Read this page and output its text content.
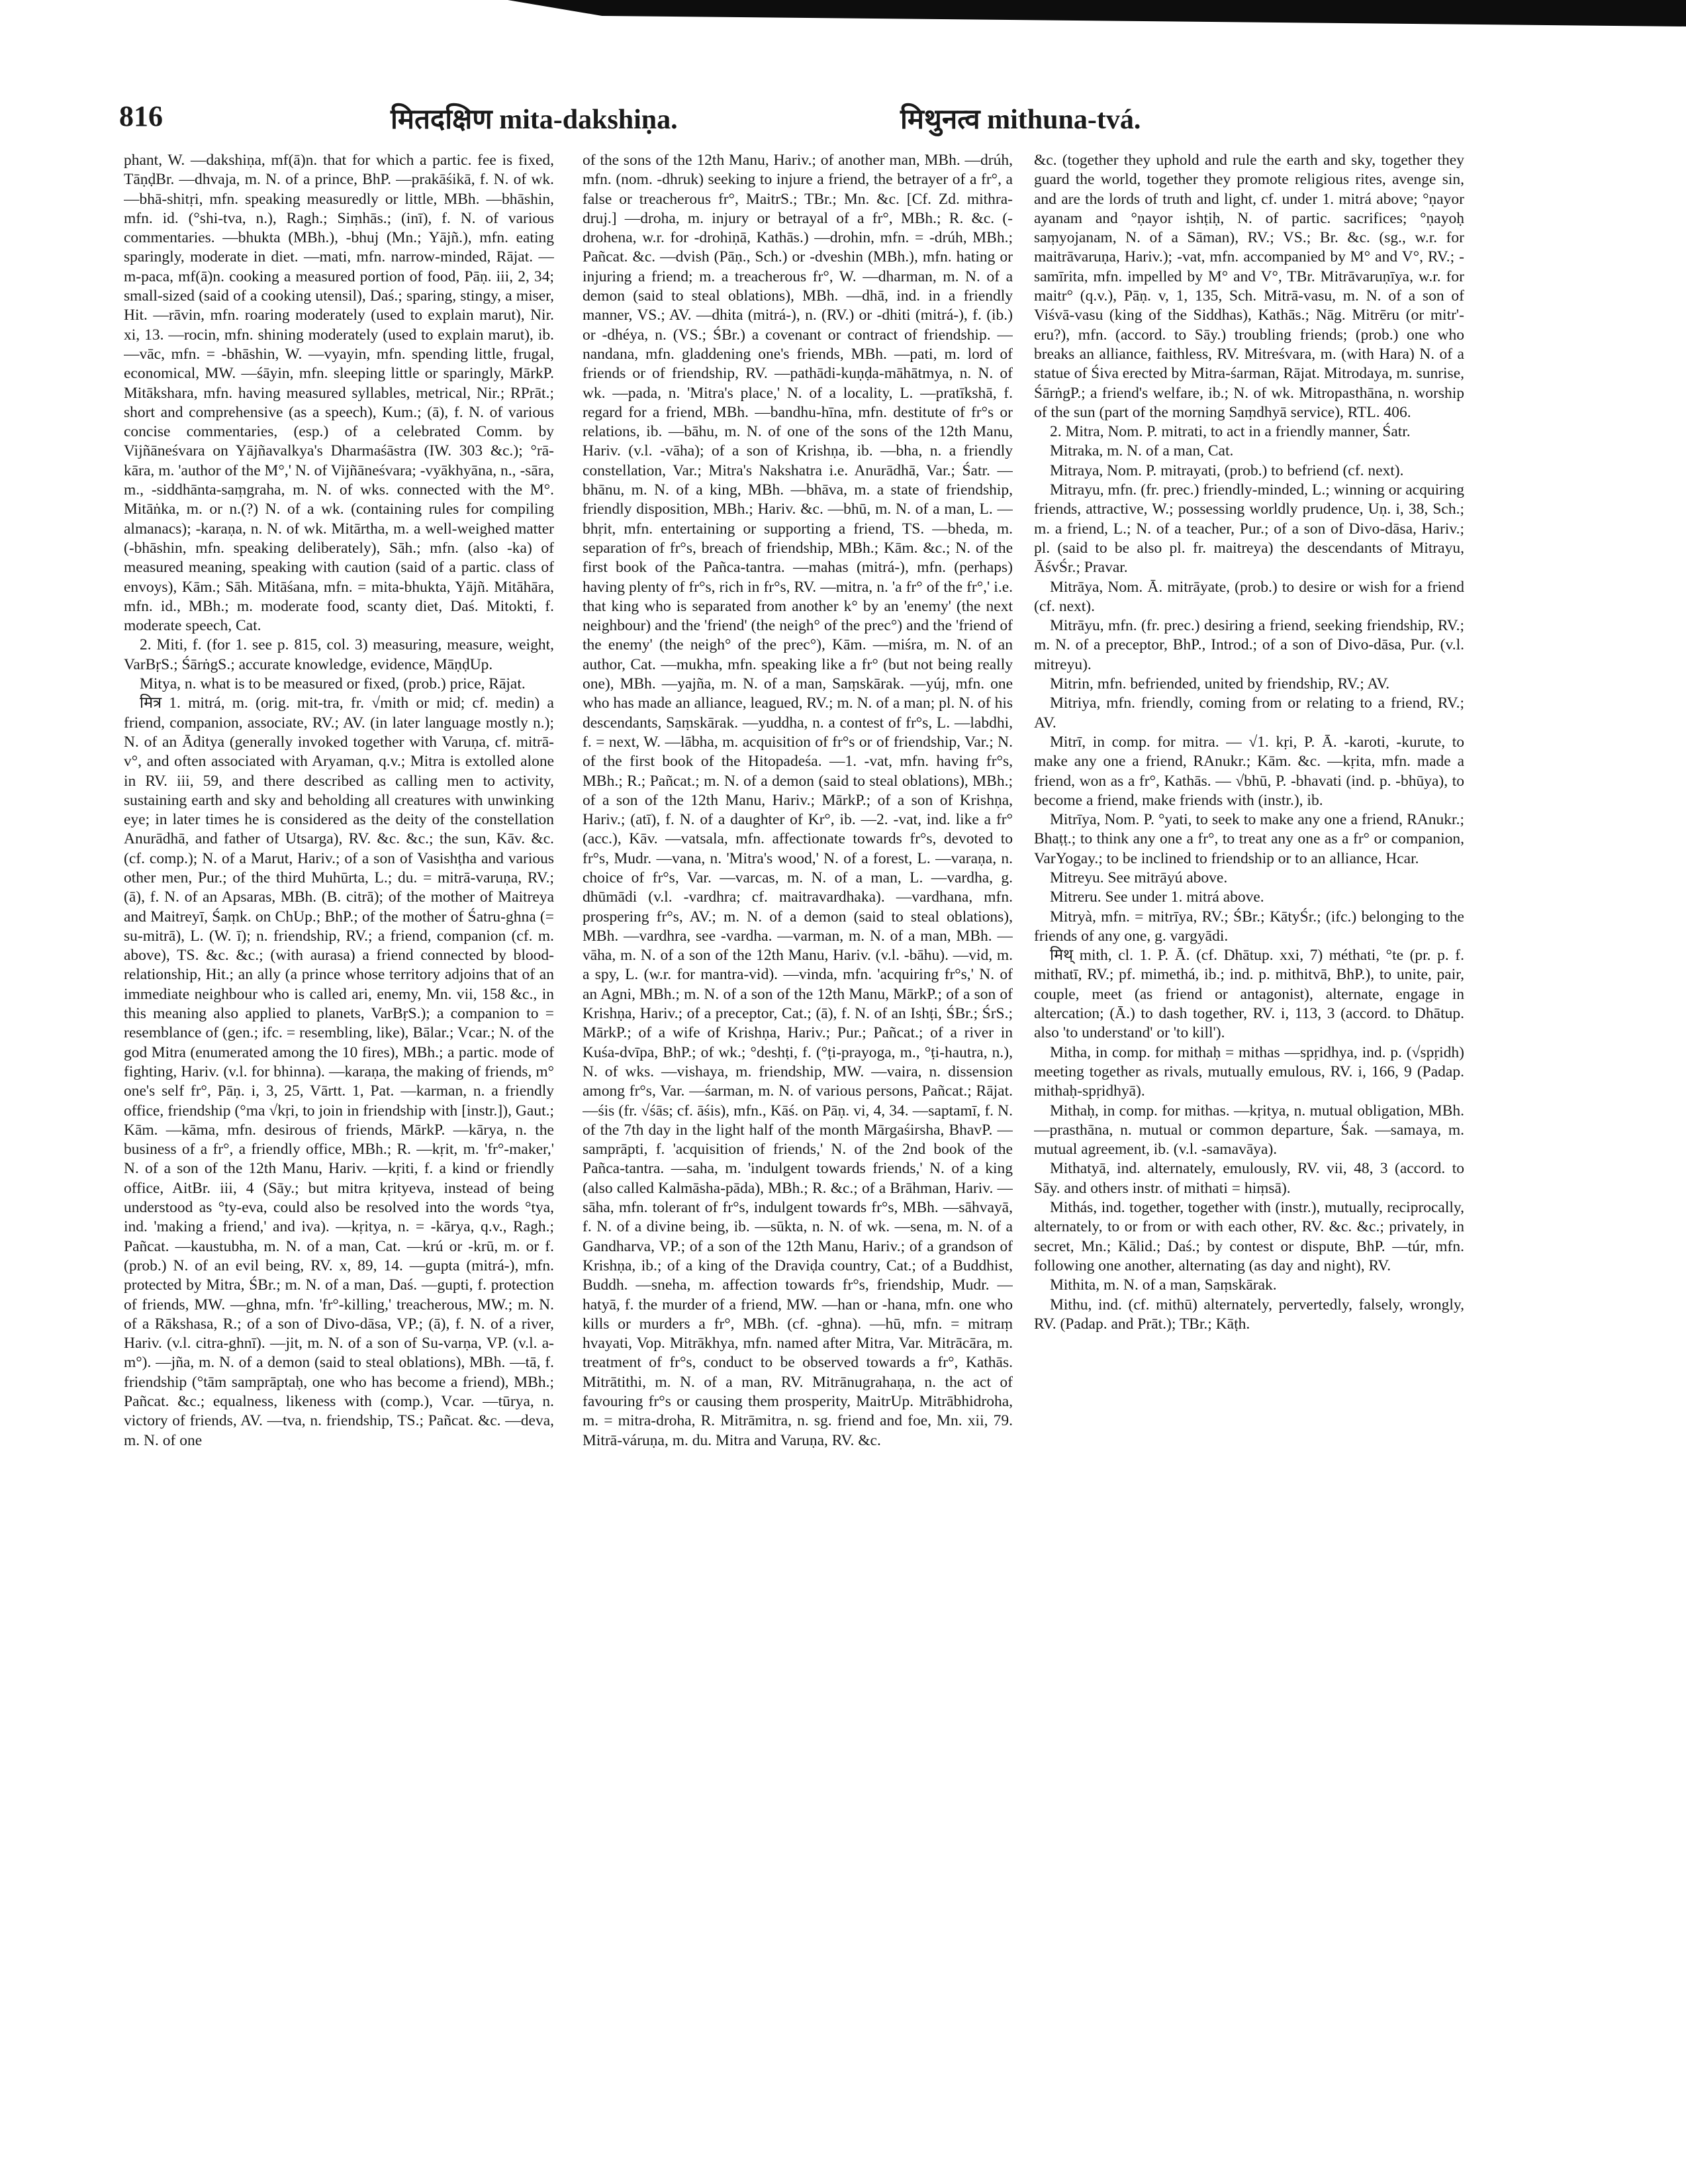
816	मितदक्षिण mita-dakshiṇa.	मिथुनत्व mithuna-tvá.

phant, W. —dakshiṇa, mf(ā)n. that for which a partic. fee is fixed, TāṇḍBr. —dhvaja, m. N. of a prince, BhP. —prakāśikā, f. N. of wk. —bhā-shitṛi, mfn. speaking measuredly or little, MBh. —bhāshin, mfn. id. (°shi-tva, n.), Ragh.; Siṃhās.; (inī), f. N. of various commentaries. —bhukta (MBh.), -bhuj (Mn.; Yājñ.), mfn. eating sparingly, moderate in diet. —mati, mfn. narrow-minded, Rājat. —m-paca, mf(ā)n. cooking a measured portion of food, Pāṇ. iii, 2, 34; small-sized (said of a cooking utensil), Daś.; sparing, stingy, a miser, Hit. —rāvin, mfn. roaring moderately (used to explain marut), Nir. xi, 13. —rocin, mfn. shining moderately (used to explain marut), ib. —vāc, mfn. = -bhāshin, W. —vyayin, mfn. spending little, frugal, economical, MW. —śāyin, mfn. sleeping little or sparingly, MārkP. Mitākshara, mfn. having measured syllables, metrical, Nir.; RPrāt.; short and comprehensive (as a speech), Kum.; (ā), f. N. of various concise commentaries, (esp.) of a celebrated Comm. by Vijñāneśvara on Yājñavalkya's Dharmaśāstra (IW. 303 &c.); °rā-kāra, m. 'author of the M°,' N. of Vijñāneśvara; -vyākhyāna, n., -sāra, m., -siddhānta-saṃgraha, m. N. of wks. connected with the M°. Mitāṅka, m. or n.(?) N. of a wk. (containing rules for compiling almanacs); -karaṇa, n. N. of wk. Mitārtha, m. a well-weighed matter (-bhāshin, mfn. speaking deliberately), Sāh.; mfn. (also -ka) of measured meaning, speaking with caution (said of a partic. class of envoys), Kām.; Sāh. Mitāśana, mfn. = mita-bhukta, Yājñ. Mitāhāra, mfn. id., MBh.; m. moderate food, scanty diet, Daś. Mitokti, f. moderate speech, Cat.

2. Miti, f. (for 1. see p. 815, col. 3) measuring, measure, weight, VarBṛS.; ŚārṅgS.; accurate knowledge, evidence, MāṇḍUp.

Mitya, n. what is to be measured or fixed, (prob.) price, Rājat.

मित्र 1. mitrá, m. (orig. mit-tra, fr. √mith or mid; cf. medin) a friend, companion, associate, RV.; AV. (in later language mostly n.); N. of an Āditya (generally invoked together with Varuṇa, cf. mitrā-v°, and often associated with Aryaman, q.v.; Mitra is extolled alone in RV. iii, 59, and there described as calling men to activity, sustaining earth and sky and beholding all creatures with unwinking eye; in later times he is considered as the deity of the constellation Anurādhā, and father of Utsarga), RV. &c. &c.; the sun, Kāv. &c. (cf. comp.); N. of a Marut, Hariv.; of a son of Vasishṭha and various other men, Pur.; of the third Muhūrta, L.; du. = mitrā-varuṇa, RV.; (ā), f. N. of an Apsaras, MBh. (B. citrā); of the mother of Maitreya and Maitreyī, Śaṃk. on ChUp.; BhP.; of the mother of Śatru-ghna (= su-mitrā), L. (W. ī); n. friendship, RV.; a friend, companion (cf. m. above), TS. &c. &c.; (with aurasa) a friend connected by blood-relationship, Hit.; an ally (a prince whose territory adjoins that of an immediate neighbour who is called ari, enemy, Mn. vii, 158 &c., in this meaning also applied to planets, VarBṛS.); a companion to = resemblance of (gen.; ifc. = resembling, like), Bālar.; Vcar.; N. of the god Mitra (enumerated among the 10 fires), MBh.; a partic. mode of fighting, Hariv. (v.l. for bhinna). —karaṇa, the making of friends, m° one's self fr°, Pāṇ. i, 3, 25, Vārtt. 1, Pat. —karman, n. a friendly office, friendship (°ma √kṛi, to join in friendship with [instr.]), Gaut.; Kām. —kāma, mfn. desirous of friends, MārkP. —kārya, n. the business of a fr°, a friendly office, MBh.; R. —kṛit, m. 'fr°-maker,' N. of a son of the 12th Manu, Hariv. —kṛiti, f. a kind or friendly office, AitBr. iii, 4 (Sāy.; but mitra kṛityeva, instead of being understood as °ty-eva, could also be resolved into the words °tya, ind. 'making a friend,' and iva). —kṛitya, n. = -kārya, q.v., Ragh.; Pañcat. —kaustubha, m. N. of a man, Cat. —krú or -krū, m. or f. (prob.) N. of an evil being, RV. x, 89, 14. —gupta (mitrá-), mfn. protected by Mitra, ŚBr.; m. N. of a man, Daś. —gupti, f. protection of friends, MW. —ghna, mfn. 'fr°-killing,' treacherous, MW.; m. N. of a Rākshasa, R.; of a son of Divo-dāsa, VP.; (ā), f. N. of a river, Hariv. (v.l. citra-ghnī). —jit, m. N. of a son of Su-varṇa, VP. (v.l. a-m°). —jña, m. N. of a demon (said to steal oblations), MBh. —tā, f. friendship (°tām samprāptaḥ, one who has become a friend), MBh.; Pañcat. &c.; equalness, likeness with (comp.), Vcar. —tūrya, n. victory of friends, AV. —tva, n. friendship, TS.; Pañcat. &c. —deva, m. N. of one

of the sons of the 12th Manu, Hariv.; of another man, MBh. —drúh, mfn. (nom. -dhruk) seeking to injure a friend, the betrayer of a fr°, a false or treacherous fr°, MaitrS.; TBr.; Mn. &c. [Cf. Zd. mithra-druj.] —droha, m. injury or betrayal of a fr°, MBh.; R. &c. (-drohena, w.r. for -drohiṇā, Kathās.) —drohin, mfn. = -drúh, MBh.; Pañcat. &c. —dvish (Pāṇ., Sch.) or -dveshin (MBh.), mfn. hating or injuring a friend; m. a treacherous fr°, W. —dharman, m. N. of a demon (said to steal oblations), MBh. —dhā, ind. in a friendly manner, VS.; AV. —dhita (mitrá-), n. (RV.) or -dhiti (mitrá-), f. (ib.) or -dhéya, n. (VS.; ŚBr.) a covenant or contract of friendship. —nandana, mfn. gladdening one's friends, MBh. —pati, m. lord of friends or of friendship, RV. —pathādi-kuṇḍa-māhātmya, n. N. of wk. —pada, n. 'Mitra's place,' N. of a locality, L. —pratīkshā, f. regard for a friend, MBh. —bandhu-hīna, mfn. destitute of fr°s or relations, ib. —bāhu, m. N. of one of the sons of the 12th Manu, Hariv. (v.l. -vāha); of a son of Krishṇa, ib. —bha, n. a friendly constellation, Var.; Mitra's Nakshatra i.e. Anurādhā, Var.; Śatr. —bhānu, m. N. of a king, MBh. —bhāva, m. a state of friendship, friendly disposition, MBh.; Hariv. &c. —bhū, m. N. of a man, L. —bhṛit, mfn. entertaining or supporting a friend, TS. —bheda, m. separation of fr°s, breach of friendship, MBh.; Kām. &c.; N. of the first book of the Pañca-tantra. —mahas (mitrá-), mfn. (perhaps) having plenty of fr°s, rich in fr°s, RV. —mitra, n. 'a fr° of the fr°,' i.e. that king who is separated from another k° by an 'enemy' (the next neighbour) and the 'friend' (the neigh° of the prec°) and the 'friend of the enemy' (the neigh° of the prec°), Kām. —miśra, m. N. of an author, Cat. —mukha, mfn. speaking like a fr° (but not being really one), MBh. —yajña, m. N. of a man, Saṃskārak. —yúj, mfn. one who has made an alliance, leagued, RV.; m. N. of a man; pl. N. of his descendants, Saṃskārak. —yuddha, n. a contest of fr°s, L. —labdhi, f. = next, W. —lābha, m. acquisition of fr°s or of friendship, Var.; N. of the first book of the Hitopadeśa. —1. -vat, mfn. having fr°s, MBh.; R.; Pañcat.; m. N. of a demon (said to steal oblations), MBh.; of a son of the 12th Manu, Hariv.; MārkP.; of a son of Krishṇa, Hariv.; (atī), f. N. of a daughter of Kr°, ib. —2. -vat, ind. like a fr° (acc.), Kāv. —vatsala, mfn. affectionate towards fr°s, devoted to fr°s, Mudr. —vana, n. 'Mitra's wood,' N. of a forest, L. —varaṇa, n. choice of fr°s, Var. —varcas, m. N. of a man, L. —vardha, g. dhūmādi (v.l. -vardhra; cf. maitravardhaka). —vardhana, mfn. prospering fr°s, AV.; m. N. of a demon (said to steal oblations), MBh. —vardhra, see -vardha. —varman, m. N. of a man, MBh. —vāha, m. N. of a son of the 12th Manu, Hariv. (v.l. -bāhu). —vid, m. a spy, L. (w.r. for mantra-vid). —vinda, mfn. 'acquiring fr°s,' N. of an Agni, MBh.; m. N. of a son of the 12th Manu, MārkP.; of a son of Krishṇa, Hariv.; of a preceptor, Cat.; (ā), f. N. of an Ishṭi, ŚBr.; ŚrS.; MārkP.; of a wife of Krishṇa, Hariv.; Pur.; Pañcat.; of a river in Kuśa-dvīpa, BhP.; of wk.; °deshṭi, f. (°ṭi-prayoga, m., °ṭi-hautra, n.), N. of wks. —vishaya, m. friendship, MW. —vaira, n. dissension among fr°s, Var. —śarman, m. N. of various persons, Pañcat.; Rājat. —śis (fr. √śās; cf. āśis), mfn., Kāś. on Pāṇ. vi, 4, 34. —saptamī, f. N. of the 7th day in the light half of the month Mārgaśirsha, BhavP. —samprāpti, f. 'acquisition of friends,' N. of the 2nd book of the Pañca-tantra. —saha, m. 'indulgent towards friends,' N. of a king (also called Kalmāsha-pāda), MBh.; R. &c.; of a Brāhman, Hariv. —sāha, mfn. tolerant of fr°s, indulgent towards fr°s, MBh. —sāhvayā, f. N. of a divine being, ib. —sūkta, n. N. of wk. —sena, m. N. of a Gandharva, VP.; of a son of the 12th Manu, Hariv.; of a grandson of Krishṇa, ib.; of a king of the Draviḍa country, Cat.; of a Buddhist, Buddh. —sneha, m. affection towards fr°s, friendship, Mudr. —hatyā, f. the murder of a friend, MW. —han or -hana, mfn. one who kills or murders a fr°, MBh. (cf. -ghna). —hū, mfn. = mitraṃ hvayati, Vop. Mitrākhya, mfn. named after Mitra, Var. Mitrācāra, m. treatment of fr°s, conduct to be observed towards a fr°, Kathās. Mitrātithi, m. N. of a man, RV. Mitrānugrahaṇa, n. the act of favouring fr°s or causing them prosperity, MaitrUp. Mitrābhidroha, m. = mitra-droha, R. Mitrāmitra, n. sg. friend and foe, Mn. xii, 79. Mitrā-váruṇa, m. du. Mitra and Varuṇa, RV. &c.

&c. (together they uphold and rule the earth and sky, together they guard the world, together they promote religious rites, avenge sin, and are the lords of truth and light, cf. under 1. mitrá above; °ṇayor ayanam and °ṇayor ishṭiḥ, N. of partic. sacrifices; °ṇayoḥ saṃyojanam, N. of a Sāman), RV.; VS.; Br. &c. (sg., w.r. for maitrāvaruṇa, Hariv.); -vat, mfn. accompanied by M° and V°, RV.; -samīrita, mfn. impelled by M° and V°, TBr. Mitrāvaruṇīya, w.r. for maitr° (q.v.), Pāṇ. v, 1, 135, Sch. Mitrā-vasu, m. N. of a son of Viśvā-vasu (king of the Siddhas), Kathās.; Nāg. Mitrēru (or mitr'-eru?), mfn. (accord. to Sāy.) troubling friends; (prob.) one who breaks an alliance, faithless, RV. Mitreśvara, m. (with Hara) N. of a statue of Śiva erected by Mitra-śarman, Rājat. Mitrodaya, m. sunrise, ŚārṅgP.; a friend's welfare, ib.; N. of wk. Mitropasthāna, n. worship of the sun (part of the morning Saṃdhyā service), RTL. 406.

2. Mitra, Nom. P. mitrati, to act in a friendly manner, Śatr.

Mitraka, m. N. of a man, Cat.

Mitraya, Nom. P. mitrayati, (prob.) to befriend (cf. next).

Mitrayu, mfn. (fr. prec.) friendly-minded, L.; winning or acquiring friends, attractive, W.; possessing worldly prudence, Uṇ. i, 38, Sch.; m. a friend, L.; N. of a teacher, Pur.; of a son of Divo-dāsa, Hariv.; pl. (said to be also pl. fr. maitreya) the descendants of Mitrayu, ĀśvŚr.; Pravar.

Mitrāya, Nom. Ā. mitrāyate, (prob.) to desire or wish for a friend (cf. next).

Mitrāyu, mfn. (fr. prec.) desiring a friend, seeking friendship, RV.; m. N. of a preceptor, BhP., Introd.; of a son of Divo-dāsa, Pur. (v.l. mitreyu).

Mitrin, mfn. befriended, united by friendship, RV.; AV.

Mitriya, mfn. friendly, coming from or relating to a friend, RV.; AV.

Mitrī, in comp. for mitra. — √1. kṛi, P. Ā. -karoti, -kurute, to make any one a friend, RAnukr.; Kām. &c. —kṛita, mfn. made a friend, won as a fr°, Kathās. — √bhū, P. -bhavati (ind. p. -bhūya), to become a friend, make friends with (instr.), ib.

Mitrīya, Nom. P. °yati, to seek to make any one a friend, RAnukr.; Bhaṭṭ.; to think any one a fr°, to treat any one as a fr° or companion, VarYogay.; to be inclined to friendship or to an alliance, Hcar.

Mitreyu. See mitrāyú above.

Mitreru. See under 1. mitrá above.

Mitryà, mfn. = mitrīya, RV.; ŚBr.; KātyŚr.; (ifc.) belonging to the friends of any one, g. vargyādi.

मिथ् mith, cl. 1. P. Ā. (cf. Dhātup. xxi, 7) méthati, °te (pr. p. f. mithatī, RV.; pf. mimethá, ib.; ind. p. mithitvā, BhP.), to unite, pair, couple, meet (as friend or antagonist), alternate, engage in altercation; (Ā.) to dash together, RV. i, 113, 3 (accord. to Dhātup. also 'to understand' or 'to kill').

Mitha, in comp. for mithaḥ = mithas —spṛidhya, ind. p. (√spṛidh) meeting together as rivals, mutually emulous, RV. i, 166, 9 (Padap. mithaḥ-spṛidhyā).

Mithaḥ, in comp. for mithas. —kṛitya, n. mutual obligation, MBh. —prasthāna, n. mutual or common departure, Śak. —samaya, m. mutual agreement, ib. (v.l. -samavāya).

Mithatyā, ind. alternately, emulously, RV. vii, 48, 3 (accord. to Sāy. and others instr. of mithati = hiṃsā).

Mithás, ind. together, together with (instr.), mutually, reciprocally, alternately, to or from or with each other, RV. &c. &c.; privately, in secret, Mn.; Kālid.; Daś.; by contest or dispute, BhP. —túr, mfn. following one another, alternating (as day and night), RV.

Mithita, m. N. of a man, Saṃskārak.

Mithu, ind. (cf. mithū) alternately, pervertedly, falsely, wrongly, RV. (Padap. and Prāt.); TBr.; Kāṭh.
